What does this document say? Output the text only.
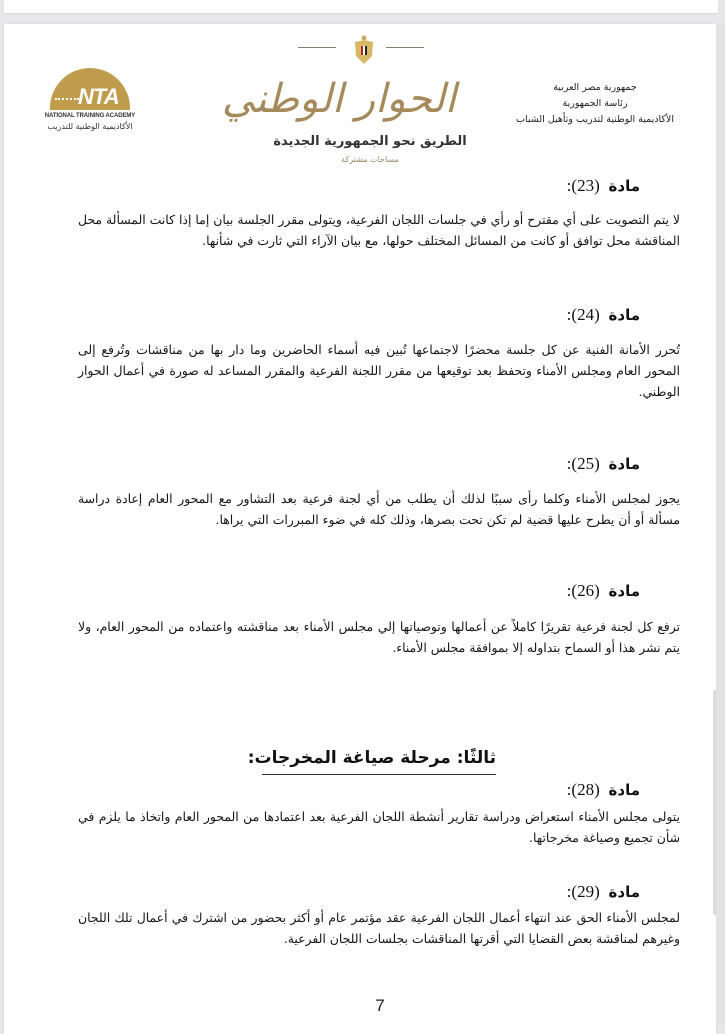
NTA
NATIONAL TRAINING ACADEMY
الأكاديمية الوطنية للتدريب
الحوار الوطني
الطريق نحو الجمهورية الجديدة
مساحات مشتركة
جمهورية مصر العربية
رئاسة الجمهورية
الأكاديمية الوطنية لتدريب وتأهيل الشباب
مادة (23):
لا يتم التصويت على أي مقترح أو رأي في جلسات اللجان الفرعية، ويتولى مقرر الجلسة بيان إما إذا كانت المسألة محل المناقشة محل توافق أو كانت من المسائل المختلف حولها، مع بيان الآراء التي ثارت في شأنها.
مادة (24):
تُحرر الأمانة الفنية عن كل جلسة محضرًا لاجتماعها تُبين فيه أسماء الحاضرين وما دار بها من مناقشات وتُرفع إلى المحور العام ومجلس الأمناء وتحفظ بعد توقيعها من مقرر اللجنة الفرعية والمقرر المساعد له صورة في أعمال الحوار الوطني.
مادة (25):
يجوز لمجلس الأمناء وكلما رأى سببًا لذلك أن يطلب من أي لجنة فرعية بعد التشاور مع المحور العام إعادة دراسة مسألة أو أن يطرح عليها قضية لم تكن تحت بصرها، وذلك كله في ضوء المبررات التي يراها.
مادة (26):
ترفع كل لجنة فرعية تقريرًا كاملاً عن أعمالها وتوصياتها إلي مجلس الأمناء بعد مناقشته واعتماده من المحور العام، ولا يتم نشر هذا أو السماح بتداوله إلا بموافقة مجلس الأمناء.
ثالثًا: مرحلة صياغة المخرجات:
مادة (28):
يتولى مجلس الأمناء استعراض ودراسة تقارير أنشطة اللجان الفرعية بعد اعتمادها من المحور العام واتخاذ ما يلزم في شأن تجميع وصياغة مخرجاتها.
مادة (29):
لمجلس الأمناء الحق عند انتهاء أعمال اللجان الفرعية عقد مؤتمر عام أو أكثر بحضور من اشترك في أعمال تلك اللجان وغيرهم لمناقشة بعض القضايا التي أقرتها المناقشات بجلسات اللجان الفرعية.
7
